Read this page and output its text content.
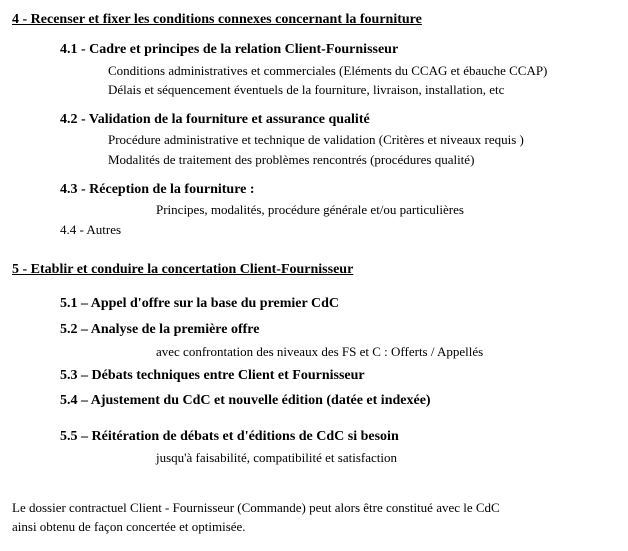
4 - Recenser et fixer les conditions connexes concernant la fourniture
4.1 - Cadre et principes de la relation Client-Fournisseur
Conditions administratives et commerciales (Eléments du CCAG et ébauche CCAP)
Délais et séquencement éventuels de la fourniture, livraison, installation, etc
4.2 - Validation de la fourniture et assurance qualité
Procédure administrative et technique de validation (Critères et niveaux requis )
Modalités de traitement des problèmes rencontrés (procédures qualité)
4.3 - Réception de la fourniture :
Principes, modalités, procédure générale et/ou particulières
4.4 - Autres
5 - Etablir et conduire la concertation Client-Fournisseur
5.1 – Appel d'offre sur la base du premier CdC
5.2 – Analyse de la première offre
avec confrontation des niveaux des FS et C : Offerts / Appellés
5.3 – Débats techniques entre Client et Fournisseur
5.4 – Ajustement du CdC et nouvelle édition (datée et indexée)
5.5 – Réitération de débats et d'éditions de CdC si besoin
jusqu'à faisabilité, compatibilité et satisfaction
Le dossier contractuel Client - Fournisseur (Commande) peut alors être constitué avec le CdC
ainsi obtenu de façon concertée et optimisée.
